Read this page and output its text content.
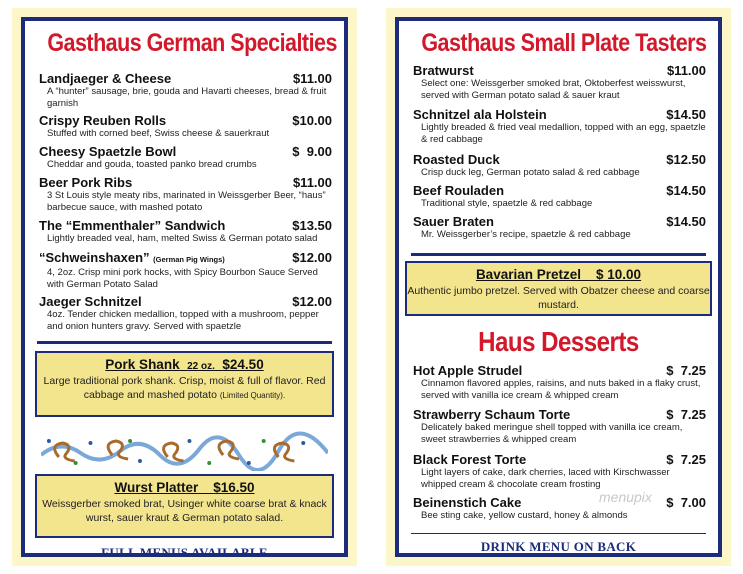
Gasthaus German Specialties
Landjaeger & Cheese	$11.00
A “hunter” sausage, brie, gouda and Havarti cheeses, bread & fruit garnish
Crispy Reuben Rolls	$10.00
Stuffed with corned beef, Swiss cheese & sauerkraut
Cheesy Spaetzle Bowl	$  9.00
Cheddar and gouda, toasted panko bread crumbs
Beer Pork Ribs	$11.00
3 St Louis style meaty ribs, marinated in Weissgerber Beer, “haus” barbecue sauce, with mashed potato
The “Emmenthaler” Sandwich	$13.50
Lightly breaded veal, ham, melted Swiss & German potato salad
“Schweinshaxen” (German Pig Wings)	$12.00
4, 2oz. Crisp mini pork hocks, with Spicy Bourbon Sauce Served with German Potato Salad
Jaeger Schnitzel	$12.00
4oz. Tender chicken medallion, topped with a mushroom, pepper and onion hunters gravy. Served with spaetzle
Pork Shank 22 oz. $24.50
Large traditional pork shank. Crisp, moist & full of flavor. Red cabbage and mashed potato (Limited Quantity).
Wurst Platter $16.50
Weissgerber smoked brat, Usinger white coarse brat & knack wurst, sauer kraut & German potato salad.
FULL MENUS AVAILABLE
Gasthaus Small Plate Tasters
Bratwurst	$11.00
Select one: Weissgerber smoked brat, Oktoberfest weisswurst, served with German potato salad & sauer kraut
Schnitzel ala Holstein	$14.50
Lightly breaded & fried veal medallion, topped with an egg, spaetzle & red cabbage
Roasted Duck	$12.50
Crisp duck leg, German potato salad & red cabbage
Beef Rouladen	$14.50
Traditional style, spaetzle & red cabbage
Sauer Braten	$14.50
Mr. Weissgerber’s recipe, spaetzle & red cabbage
Bavarian Pretzel $ 10.00
Authentic jumbo pretzel. Served with Obatzer cheese and coarse mustard.
Haus Desserts
Hot Apple Strudel	$  7.25
Cinnamon flavored apples, raisins, and nuts baked in a flaky crust, served with vanilla ice cream & whipped cream
Strawberry Schaum Torte	$  7.25
Delicately baked meringue shell topped with vanilla ice cream, sweet strawberries & whipped cream
Black Forest Torte	$  7.25
Light layers of cake, dark cherries, laced with Kirschwasser whipped cream & chocolate cream frosting
Beinenstich Cake	$  7.00
Bee sting cake, yellow custard, honey & almonds
menupix
DRINK MENU ON BACK
